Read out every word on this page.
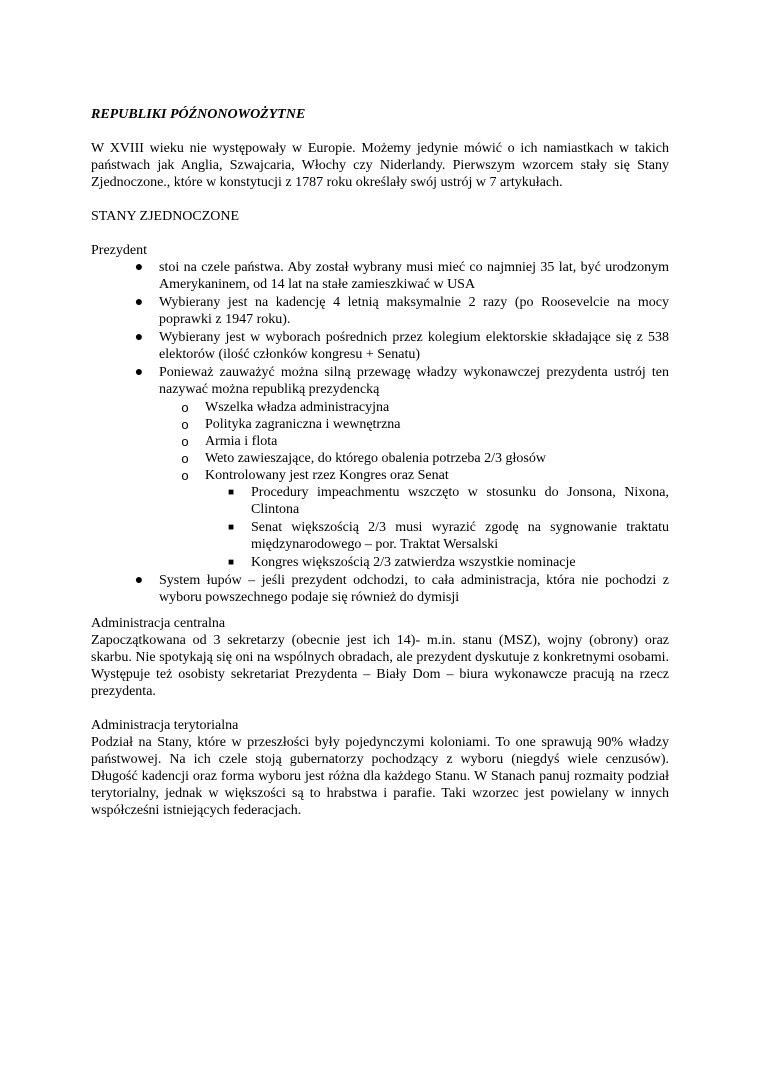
REPUBLIKI PÓŹNONOWOŻYTNE

W XVIII wieku nie występowały w Europie. Możemy jedynie mówić o ich namiastkach w takich państwach jak Anglia, Szwajcaria, Włochy czy Niderlandy. Pierwszym wzorcem stały się Stany Zjednoczone., które w konstytucji z 1787 roku określały swój ustrój w 7 artykułach.

STANY ZJEDNOCZONE

Prezydent

● stoi na czele państwa. Aby został wybrany musi mieć co najmniej 35 lat, być urodzonym Amerykaninem, od 14 lat na stałe zamieszkiwać w USA
● Wybierany jest na kadencję 4 letnią maksymalnie 2 razy (po Roosevelcie na mocy poprawki z 1947 roku).
● Wybierany jest w wyborach pośrednich przez kolegium elektorskie składające się z 538 elektorów (ilość członków kongresu + Senatu)
● Ponieważ zauważyć można silną przewagę władzy wykonawczej prezydenta ustrój ten nazywać można republiką prezydencką
o Wszelka władza administracyjna
o Polityka zagraniczna i wewnętrzna
o Armia i flota
o Weto zawieszające, do którego obalenia potrzeba 2/3 głosów
o Kontrolowany jest rzez Kongres oraz Senat
■ Procedury impeachmentu wszczęto w stosunku do Jonsona, Nixona, Clintona
■ Senat większością 2/3 musi wyrazić zgodę na sygnowanie traktatu międzynarodowego – por. Traktat Wersalski
■ Kongres większością 2/3 zatwierdza wszystkie nominacje
● System łupów – jeśli prezydent odchodzi, to cała administracja, która nie pochodzi z wyboru powszechnego podaje się również do dymisji

Administracja centralna

Zapoczątkowana od 3 sekretarzy (obecnie jest ich 14)- m.in. stanu (MSZ), wojny (obrony) oraz skarbu. Nie spotykają się oni na wspólnych obradach, ale prezydent dyskutuje z konkretnymi osobami. Występuje też osobisty sekretariat Prezydenta – Biały Dom – biura wykonawcze pracują na rzecz prezydenta.

Administracja terytorialna

Podział na Stany, które w przeszłości były pojedynczymi koloniami. To one sprawują 90% władzy państwowej. Na ich czele stoją gubernatorzy pochodzący z wyboru (niegdyś wiele cenzusów). Długość kadencji oraz forma wyboru jest różna dla każdego Stanu. W Stanach panuj rozmaity podział terytorialny, jednak w większości są to hrabstwa i parafie. Taki wzorzec jest powielany w innych współcześni istniejących federacjach.
